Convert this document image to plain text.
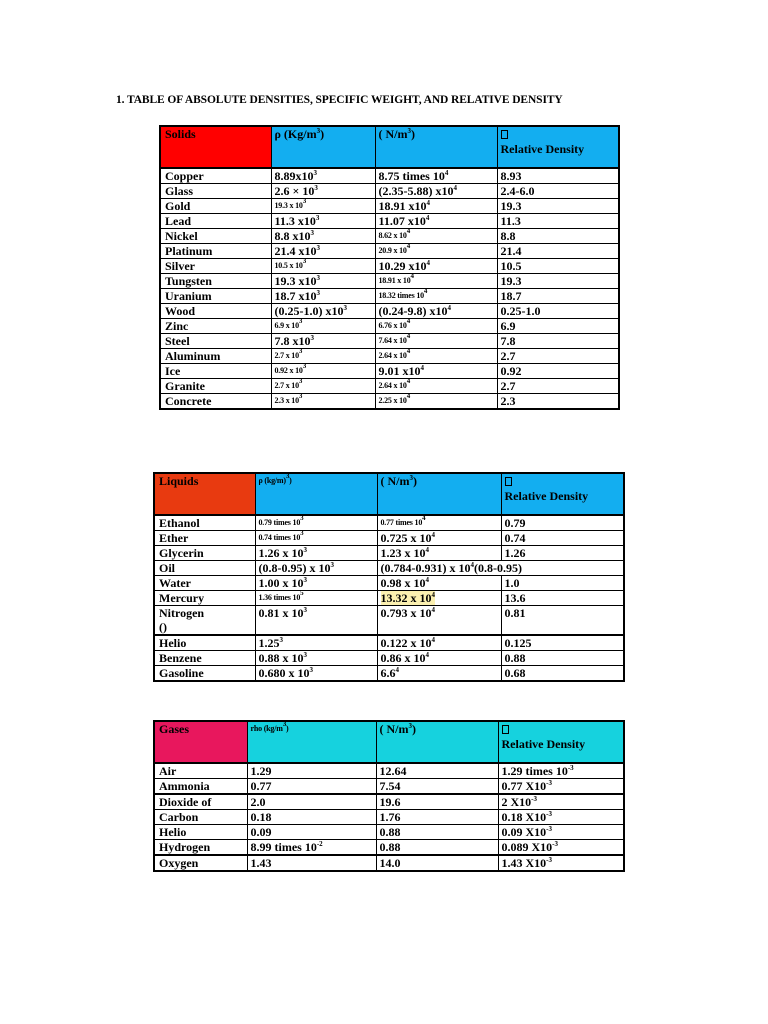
1. TABLE OF ABSOLUTE DENSITIES, SPECIFIC WEIGHT, AND RELATIVE DENSITY
Solids	ρ $(Kg/m^3)$	( $N/m^3$)	Relative Density
Copper	$8.89x10^3$	8.75 times $10^4$	8.93
Glass	$2.6 \times 10^3$	(2.35-5.88) $x10^4$	2.4-6.0
Gold	19.3 x $10^3$	18.91 $x10^4$	19.3
Lead	11.3 $x10^3$	11.07 $x10^4$	11.3
Nickel	8.8 $x10^3$	8.62 x $10^4$	8.8
Platinum	21.4 $x10^3$	20.9 x $10^4$	21.4
Silver	10.5 x $10^3$	10.29 $x10^4$	10.5
Tungsten	19.3 $x10^3$	18.91 x $10^4$	19.3
Uranium	18.7 $x10^3$	18.32 times $10^4$	18.7
Wood	(0.25-1.0) $x10^3$	(0.24-9.8) $x10^4$	0.25-1.0
Zinc	6.9 x $10^3$	6.76 x $10^4$	6.9
Steel	7.8 $x10^3$	7.64 x $10^4$	7.8
Aluminum	2.7 x $10^3$	2.64 x $10^4$	2.7
Ice	0.92 x $10^3$	9.01 $x10^4$	0.92
Granite	2.7 x $10^3$	2.64 x $10^4$	2.7
Concrete	2.3 x $10^3$	2.25 x $10^4$	2.3
Liquids	ρ $(kg/m)^3$)	( $N/m^3$)	Relative Density
Ethanol	0.79 times $10^3$	0.77 times $10^4$	0.79
Ether	0.74 times $10^3$	0.725 x $10^4$	0.74
Glycerin	1.26 x $10^3$	1.23 x $10^4$	1.26
Oil	(0.8-0.95) x $10^3$	(0.784-0.931) x $10^4(0.8-0.95)$	
Water	1.00 x $10^3$	0.98 x $10^4$	1.0
Mercury	1.36 times $10^5$	13.32 x $10^4$	13.6
Nitrogen
()	0.81 x $10^3$	0.793 x $10^4$	0.81
Helio	1.25$^3$	0.122 x $10^4$	0.125
Benzene	0.88 x $10^3$	0.86 x $10^4$	0.88
Gasoline	0.680 x $10^3$	$6.6^4$	0.68
Gases	rho $(kg/m^3)$	( $N/m^3$)	Relative Density
Air	1.29	12.64	1.29 times $10^{-3}$
Ammonia	0.77	7.54	0.77 $X10^{-3}$
Dioxide of	2.0	19.6	2 $X10^{-3}$
Carbon	0.18	1.76	0.18 $X10^{-3}$
Helio	0.09	0.88	0.09 $X10^{-3}$
Hydrogen	8.99 times $10^{-2}$	0.88	0.089 $X10^{-3}$
Oxygen	1.43	14.0	1.43 $X10^{-3}$
